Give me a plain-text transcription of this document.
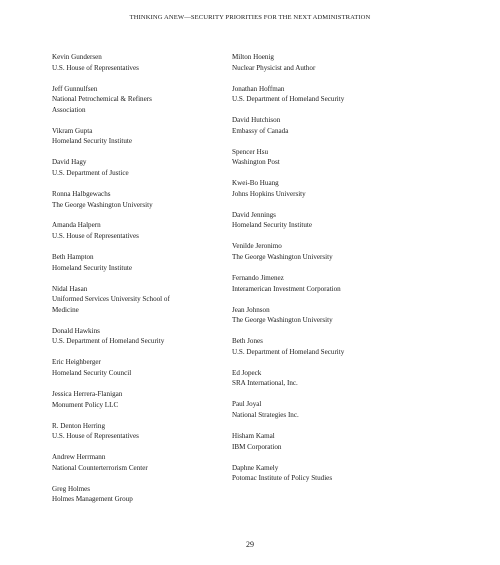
THINKING ANEW—SECURITY PRIORITIES FOR THE NEXT ADMINISTRATION
Kevin Gundersen
U.S. House of Representatives
Jeff Gunnulfsen
National Petrochemical & Refiners
Association
Vikram Gupta
Homeland Security Institute
David Hagy
U.S. Department of Justice
Ronna Halbgewachs
The George Washington University
Amanda Halpern
U.S. House of Representatives
Beth Hampton
Homeland Security Institute
Nidal Hasan
Uniformed Services University School of
Medicine
Donald Hawkins
U.S. Department of Homeland Security
Eric Heighberger
Homeland Security Council
Jessica Herrera-Flanigan
Monument Policy LLC
R. Denton Herring
U.S. House of Representatives
Andrew Herrmann
National Counterterrorism Center
Greg Holmes
Holmes Management Group
Milton Hoenig
Nuclear Physicist and Author
Jonathan Hoffman
U.S. Department of Homeland Security
David Hutchison
Embassy of Canada
Spencer Hsu
Washington Post
Kwei-Bo Huang
Johns Hopkins University
David Jennings
Homeland Security Institute
Venilde Jeronimo
The George Washington University
Fernando Jimenez
Interamerican Investment Corporation
Jean Johnson
The George Washington University
Beth Jones
U.S. Department of Homeland Security
Ed Jopeck
SRA International, Inc.
Paul Joyal
National Strategies Inc.
Hisham Kamal
IBM Corporation
Daphne Kamely
Potomac Institute of Policy Studies
29
